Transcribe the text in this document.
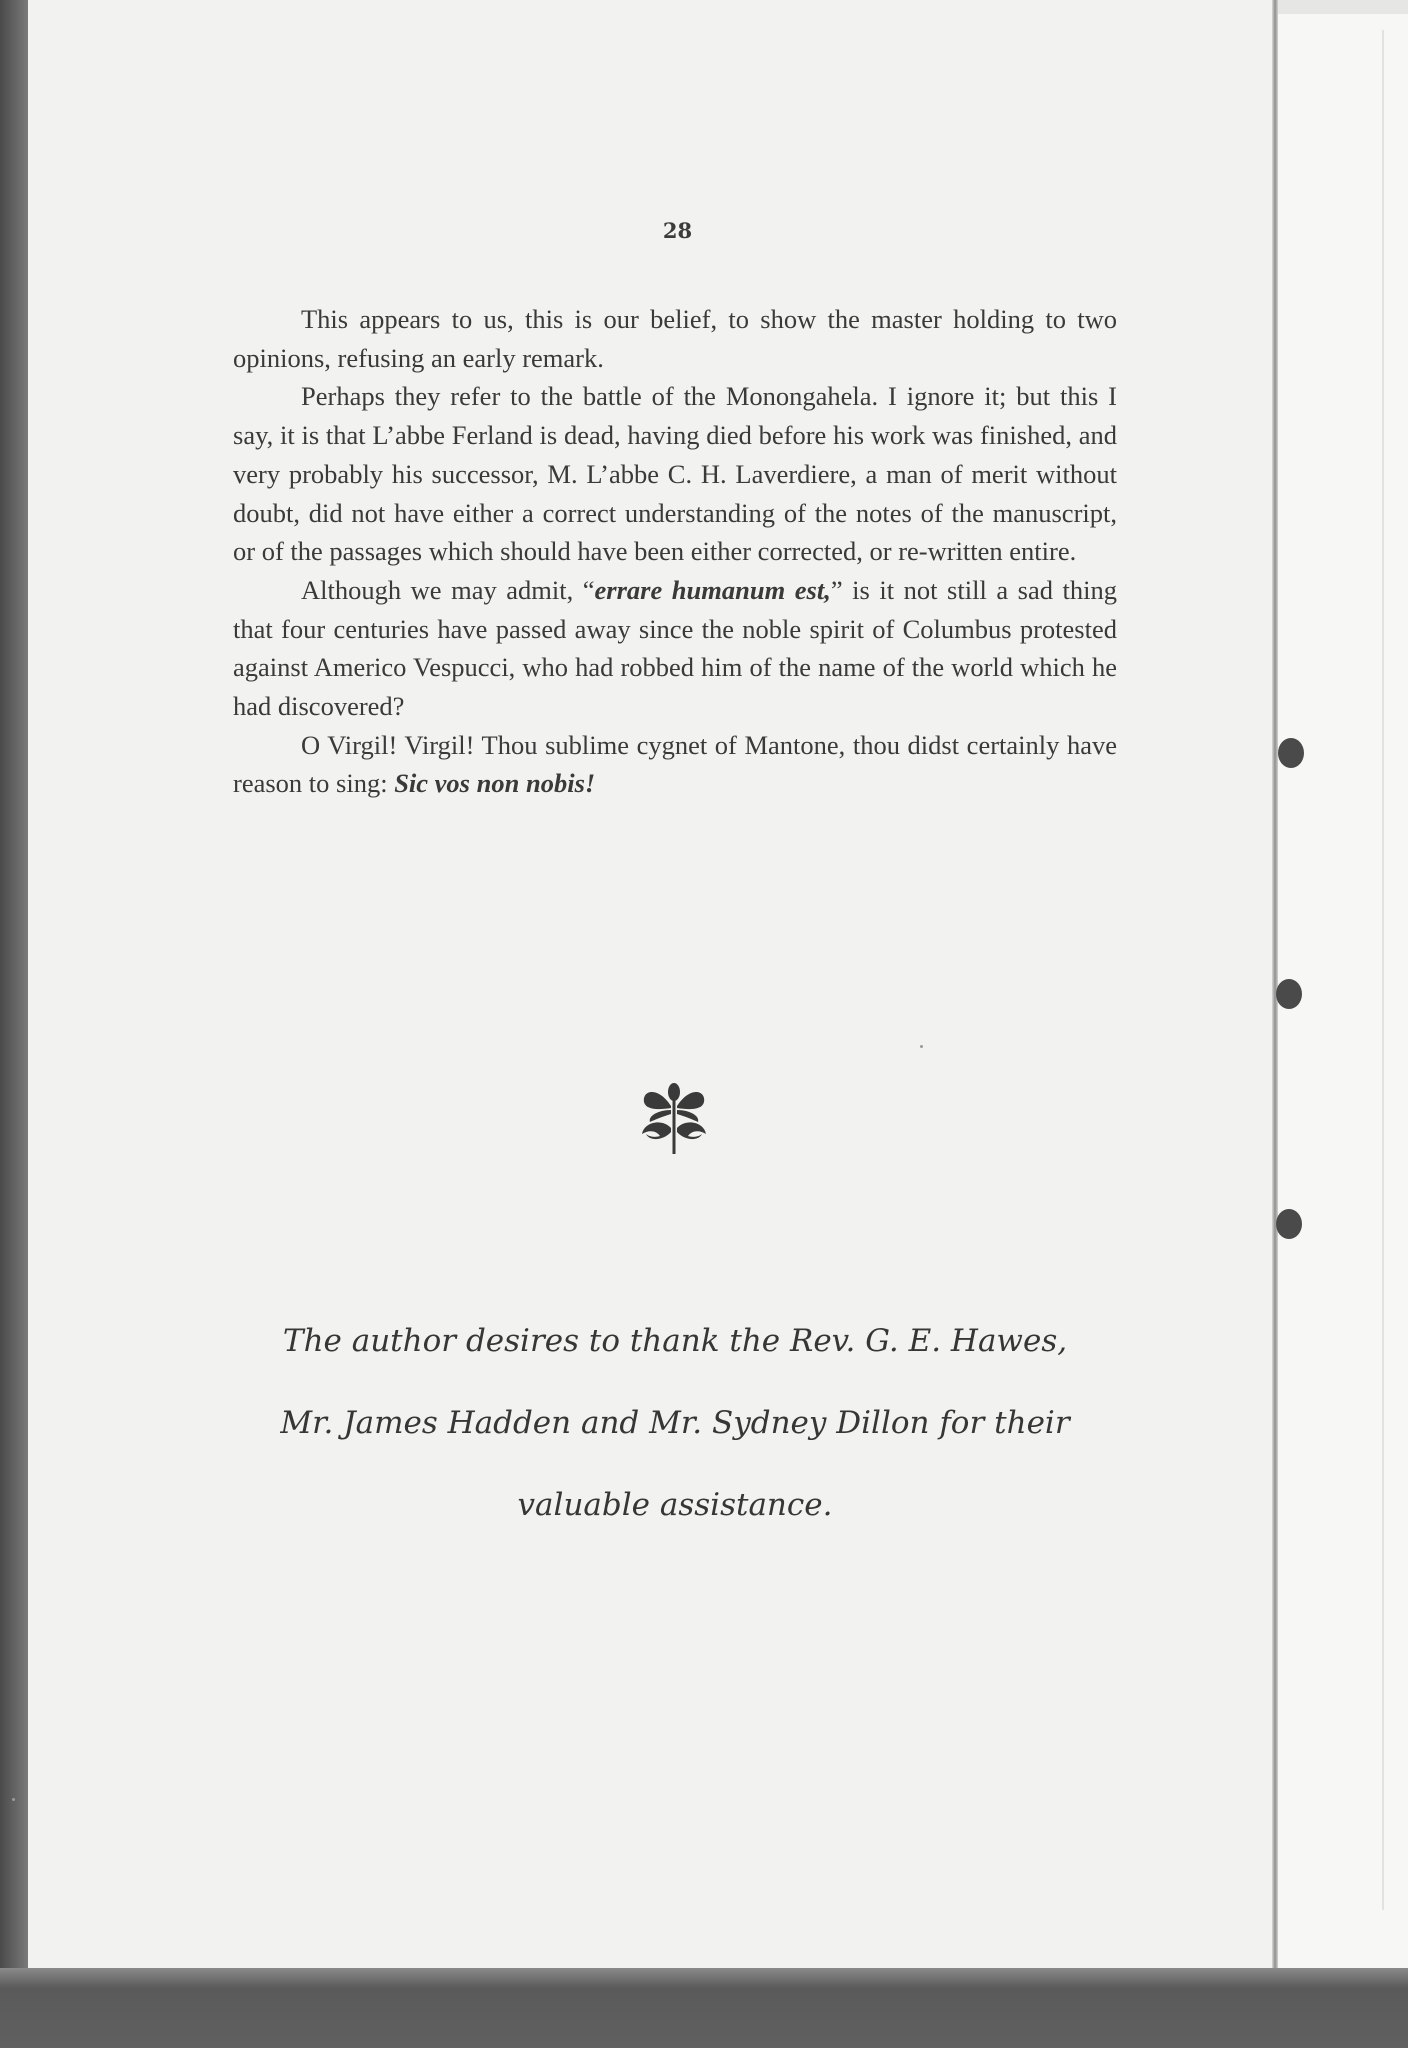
28

This appears to us, this is our belief, to show the master holding to two opinions, refusing an early remark.

Perhaps they refer to the battle of the Monongahela. I ignore it; but this I say, it is that L’abbe Ferland is dead, having died before his work was finished, and very probably his successor, M. L’abbe C. H. Laverdiere, a man of merit without doubt, did not have either a correct understanding of the notes of the manuscript, or of the passages which should have been either corrected, or re-written entire.

Although we may admit, “errare humanum est,” is it not still a sad thing that four centuries have passed away since the noble spirit of Columbus protested against Americo Vespucci, who had robbed him of the name of the world which he had discovered?

O Virgil! Virgil! Thou sublime cygnet of Mantone, thou didst certainly have reason to sing: Sic vos non nobis!

The author desires to thank the Rev. G. E. Hawes,
Mr. James Hadden and Mr. Sydney Dillon for their
valuable assistance.
